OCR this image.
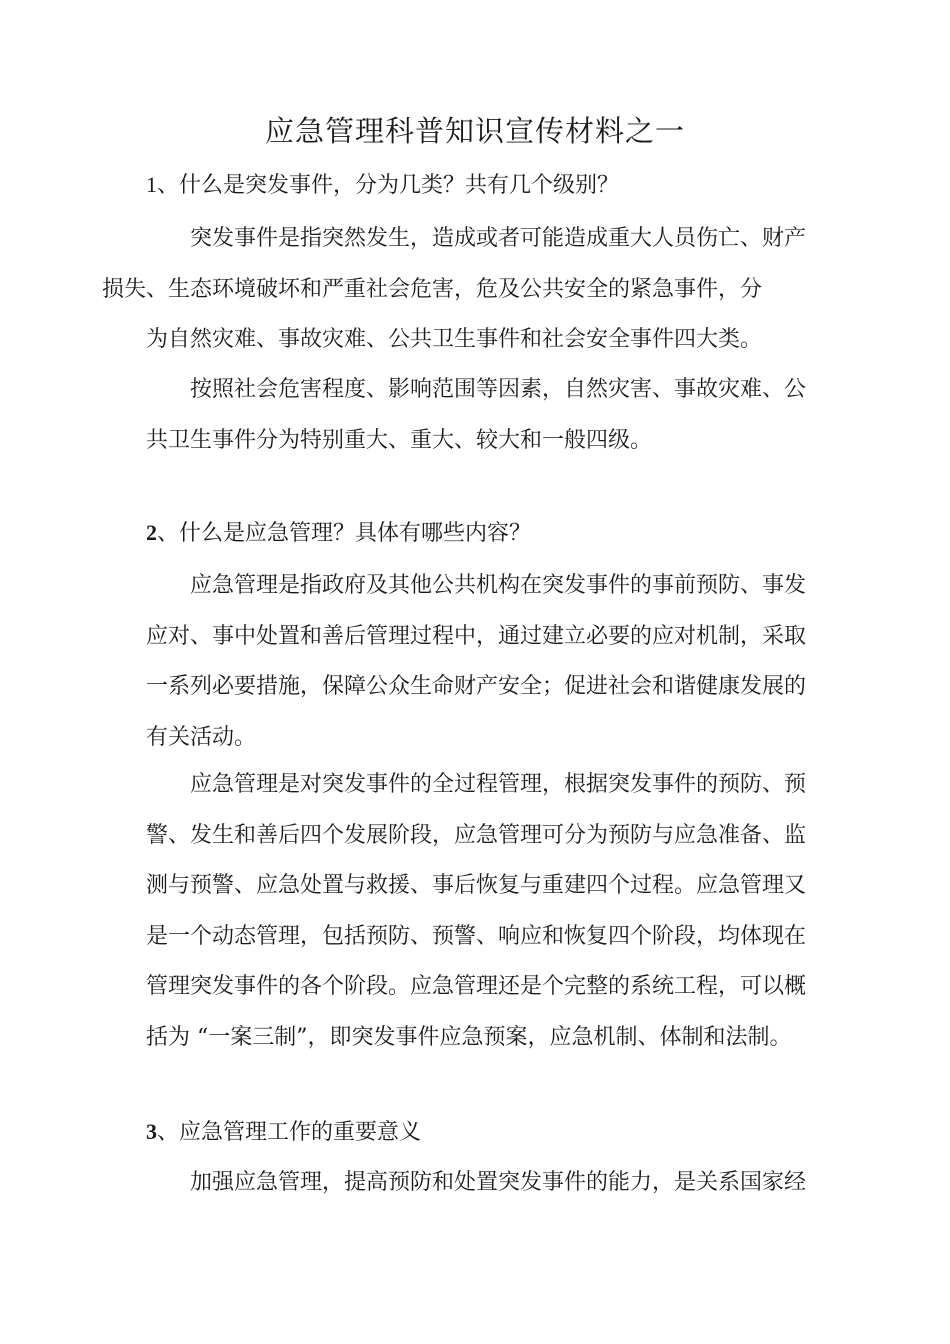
应急管理科普知识宣传材料之一
1、什么是突发事件，分为几类？共有几个级别？

突发事件是指突然发生，造成或者可能造成重大人员伤亡、财产
损失、生态环境破坏和严重社会危害，危及公共安全的紧急事件，分
为自然灾难、事故灾难、公共卫生事件和社会安全事件四大类。

按照社会危害程度、影响范围等因素，自然灾害、事故灾难、公
共卫生事件分为特别重大、重大、较大和一般四级。

2、什么是应急管理？具体有哪些内容？

应急管理是指政府及其他公共机构在突发事件的事前预防、事发
应对、事中处置和善后管理过程中，通过建立必要的应对机制，采取
一系列必要措施，保障公众生命财产安全；促进社会和谐健康发展的
有关活动。

应急管理是对突发事件的全过程管理，根据突发事件的预防、预
警、发生和善后四个发展阶段，应急管理可分为预防与应急准备、监
测与预警、应急处置与救援、事后恢复与重建四个过程。应急管理又
是一个动态管理，包括预防、预警、响应和恢复四个阶段，均体现在
管理突发事件的各个阶段。应急管理还是个完整的系统工程，可以概
括为 “一案三制”，即突发事件应急预案，应急机制、体制和法制。

3、应急管理工作的重要意义

加强应急管理，提高预防和处置突发事件的能力，是关系国家经
